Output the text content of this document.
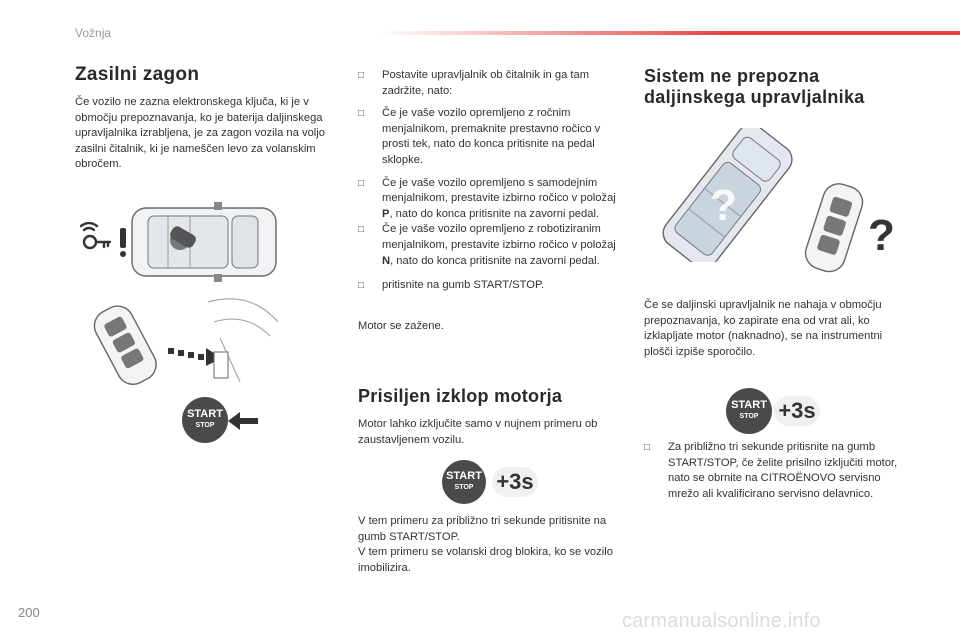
Vožnja
Zasilni zagon

Če vozilo ne zazna elektronskega ključa, ki je v območju prepoznavanja, ko je baterija daljinskega upravljalnika izrabljena, je za zagon vozila na voljo zasilni čitalnik, ki je nameščen levo za volanskim obročem.

START
STOP
□ Postavite upravljalnik ob čitalnik in ga tam zadržite, nato:
□ Če je vaše vozilo opremljeno z ročnim menjalnikom, premaknite prestavno ročico v prosti tek, nato do konca pritisnite na pedal sklopke.
□ Če je vaše vozilo opremljeno s samodejnim menjalnikom, prestavite izbirno ročico v položaj P, nato do konca pritisnite na zavorni pedal.
□ Če je vaše vozilo opremljeno z robotiziranim menjalnikom, prestavite izbirno ročico v položaj N, nato do konca pritisnite na zavorni pedal.
□ pritisnite na gumb START/STOP.

Motor se zažene.

Prisiljen izklop motorja

Motor lahko izključite samo v nujnem primeru ob zaustavljenem vozilu.

START
STOP	+3s

V tem primeru za približno tri sekunde pritisnite na gumb START/STOP.
V tem primeru se volanski drog blokira, ko se vozilo imobilizira.

Sistem ne prepozna daljinskega upravljalnika
?
?

Če se daljinski upravljalnik ne nahaja v območju prepoznavanja, ko zapirate ena od vrat ali, ko izklapljate motor (naknadno), se na instrumentni plošči izpiše sporočilo.

START
STOP +3s
□ Za približno tri sekunde pritisnite na gumb START/STOP, če želite prisilno izključiti motor, nato se obrnite na CITROËNOVO servisno mrežo ali kvalificirano servisno delavnico.
200	carmanualsonline.info
